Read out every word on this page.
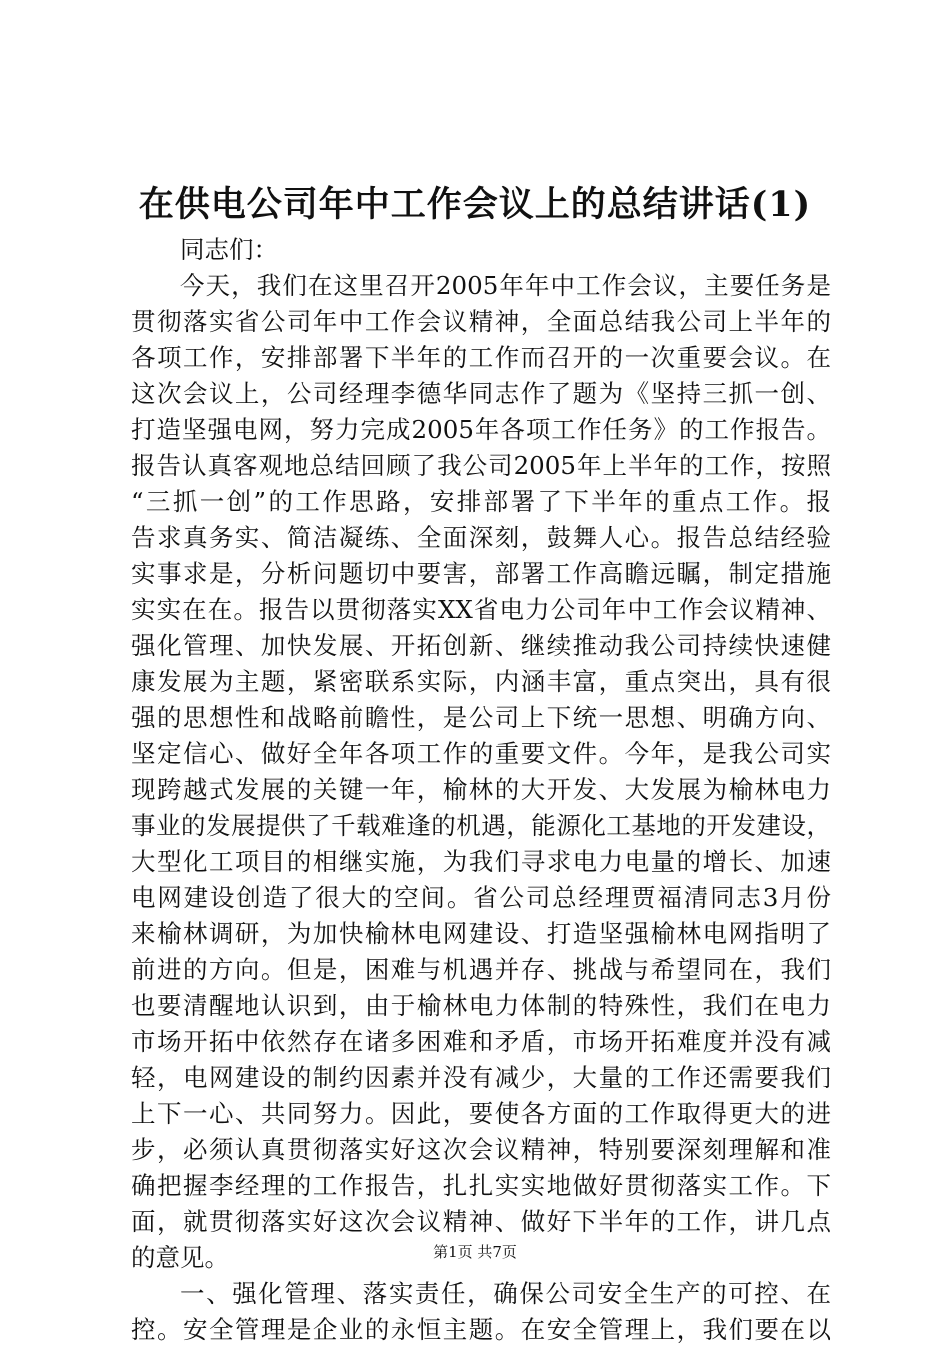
在供电公司年中工作会议上的总结讲话(1)
同志们：
今天，我们在这里召开2005年年中工作会议，主要任务是
贯彻落实省公司年中工作会议精神，全面总结我公司上半年的
各项工作，安排部署下半年的工作而召开的一次重要会议。在
这次会议上，公司经理李德华同志作了题为《坚持三抓一创、
打造坚强电网，努力完成2005年各项工作任务》的工作报告。
报告认真客观地总结回顾了我公司2005年上半年的工作，按照
“三抓一创”的工作思路，安排部署了下半年的重点工作。报
告求真务实、简洁凝练、全面深刻，鼓舞人心。报告总结经验
实事求是，分析问题切中要害，部署工作高瞻远瞩，制定措施
实实在在。报告以贯彻落实XX省电力公司年中工作会议精神、
强化管理、加快发展、开拓创新、继续推动我公司持续快速健
康发展为主题，紧密联系实际，内涵丰富，重点突出，具有很
强的思想性和战略前瞻性，是公司上下统一思想、明确方向、
坚定信心、做好全年各项工作的重要文件。今年，是我公司实
现跨越式发展的关键一年，榆林的大开发、大发展为榆林电力
事业的发展提供了千载难逢的机遇，能源化工基地的开发建设，
大型化工项目的相继实施，为我们寻求电力电量的增长、加速
电网建设创造了很大的空间。省公司总经理贾福清同志3月份
来榆林调研，为加快榆林电网建设、打造坚强榆林电网指明了
前进的方向。但是，困难与机遇并存、挑战与希望同在，我们
也要清醒地认识到，由于榆林电力体制的特殊性，我们在电力
市场开拓中依然存在诸多困难和矛盾，市场开拓难度并没有减
轻，电网建设的制约因素并没有减少，大量的工作还需要我们
上下一心、共同努力。因此，要使各方面的工作取得更大的进
步，必须认真贯彻落实好这次会议精神，特别要深刻理解和准
确把握李经理的工作报告，扎扎实实地做好贯彻落实工作。下
面，就贯彻落实好这次会议精神、做好下半年的工作，讲几点
的意见。
一、强化管理、落实责任，确保公司安全生产的可控、在
控。安全管理是企业的永恒主题。在安全管理上，我们要在以
第1页 共7页
